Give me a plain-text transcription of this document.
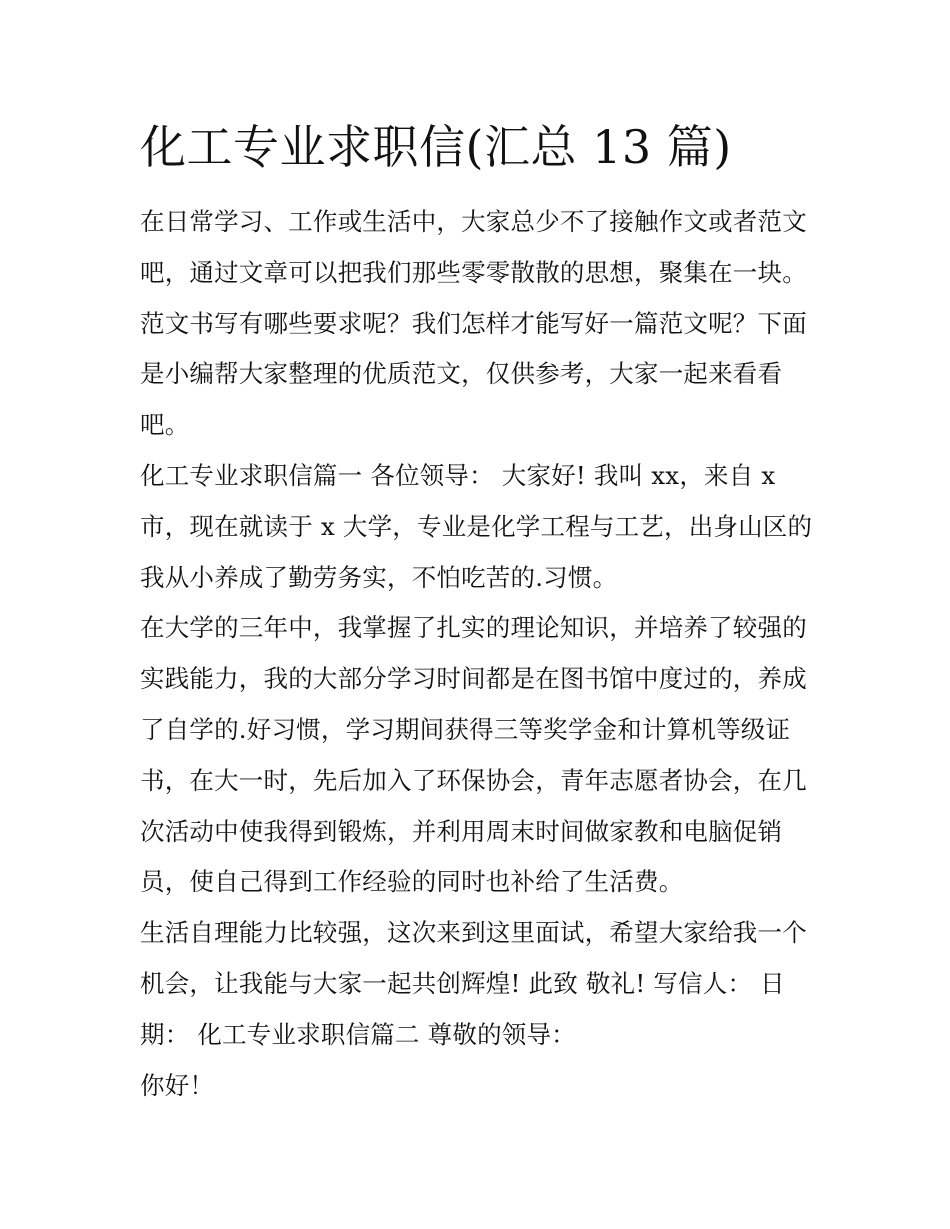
化工专业求职信(汇总 13 篇)

在日常学习、工作或生活中，大家总少不了接触作文或者范文
吧，通过文章可以把我们那些零零散散的思想，聚集在一块。
范文书写有哪些要求呢？我们怎样才能写好一篇范文呢？下面
是小编帮大家整理的优质范文，仅供参考，大家一起来看看
吧。

化工专业求职信篇一 各位领导： 大家好! 我叫 xx，来自 x
市，现在就读于 x 大学，专业是化学工程与工艺，出身山区的
我从小养成了勤劳务实，不怕吃苦的.习惯。

在大学的三年中，我掌握了扎实的理论知识，并培养了较强的
实践能力，我的大部分学习时间都是在图书馆中度过的，养成
了自学的.好习惯，学习期间获得三等奖学金和计算机等级证
书，在大一时，先后加入了环保协会，青年志愿者协会，在几
次活动中使我得到锻炼，并利用周末时间做家教和电脑促销
员，使自己得到工作经验的同时也补给了生活费。

生活自理能力比较强，这次来到这里面试，希望大家给我一个
机会，让我能与大家一起共创辉煌! 此致 敬礼! 写信人： 日
期： 化工专业求职信篇二 尊敬的领导：

你好！
